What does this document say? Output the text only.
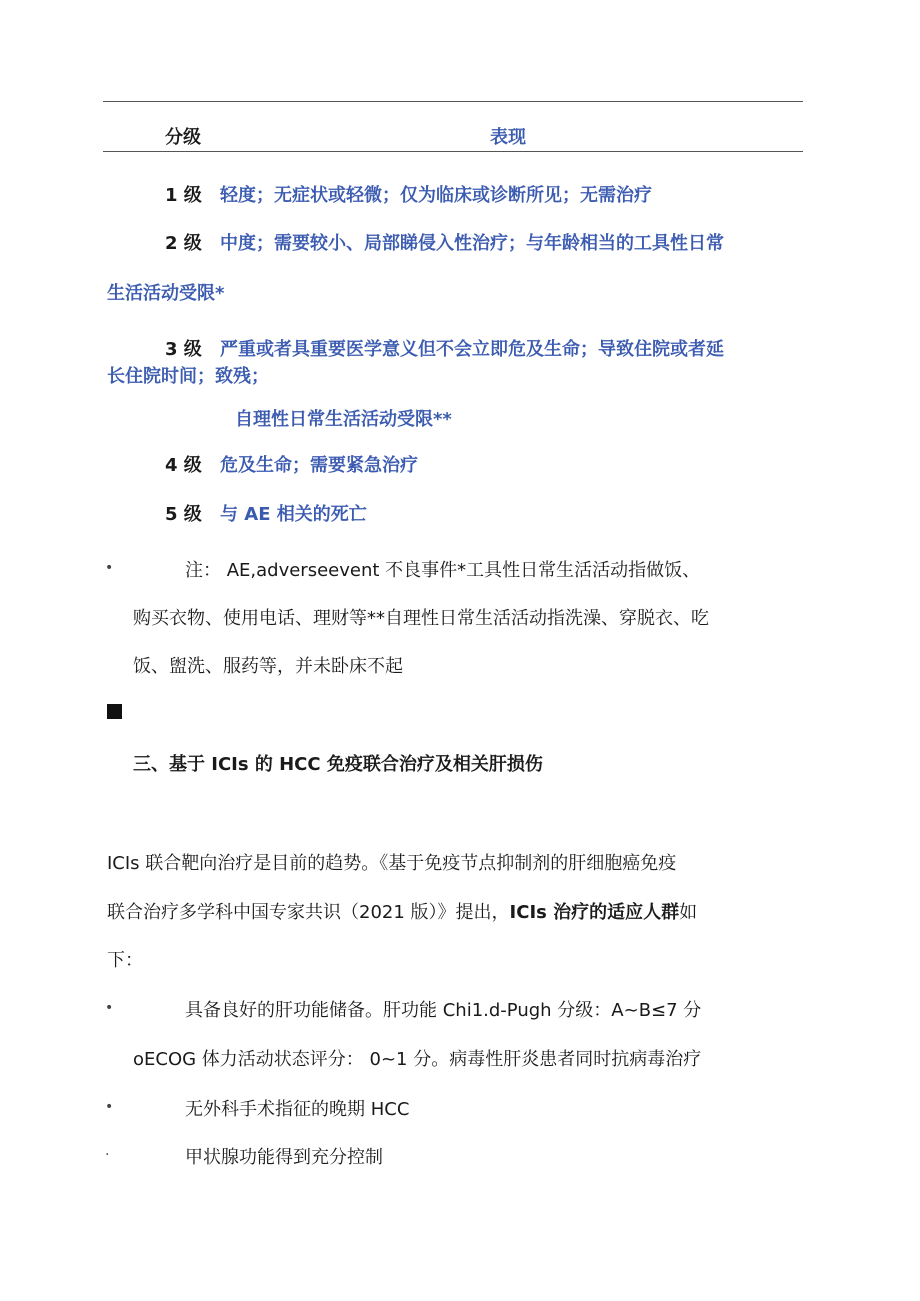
分级	表现
1 级 轻度；无症状或轻微；仅为临床或诊断所见；无需治疗
2 级 中度；需要较小、局部睇侵入性治疗；与年龄相当的工具性日常
生活活动受限*
3 级 严重或者具重要医学意义但不会立即危及生命；导致住院或者延
长住院时间；致残；
自理性日常生活活动受限**
4 级 危及生命；需要紧急治疗
5 级 与 AE 相关的死亡
•	注： AE,adverseevent 不良事件*工具性日常生活活动指做饭、
购买衣物、使用电话、理财等**自理性日常生活活动指洗澡、穿脱衣、吃
饭、盥洗、服药等，并未卧床不起
三、基于 ICIs 的 HCC 免疫联合治疗及相关肝损伤
ICIs 联合靶向治疗是目前的趋势。《基于免疫节点抑制剂的肝细胞癌免疫
联合治疗多学科中国专家共识（2021 版）》提出，ICIs 治疗的适应人群如
下：
•	具备良好的肝功能储备。肝功能 Chi1.d-Pugh 分级：A~B≤7 分
oECOG 体力活动状态评分： 0~1 分。病毒性肝炎患者同时抗病毒治疗
•	无外科手术指征的晚期 HCC
·	甲状腺功能得到充分控制
